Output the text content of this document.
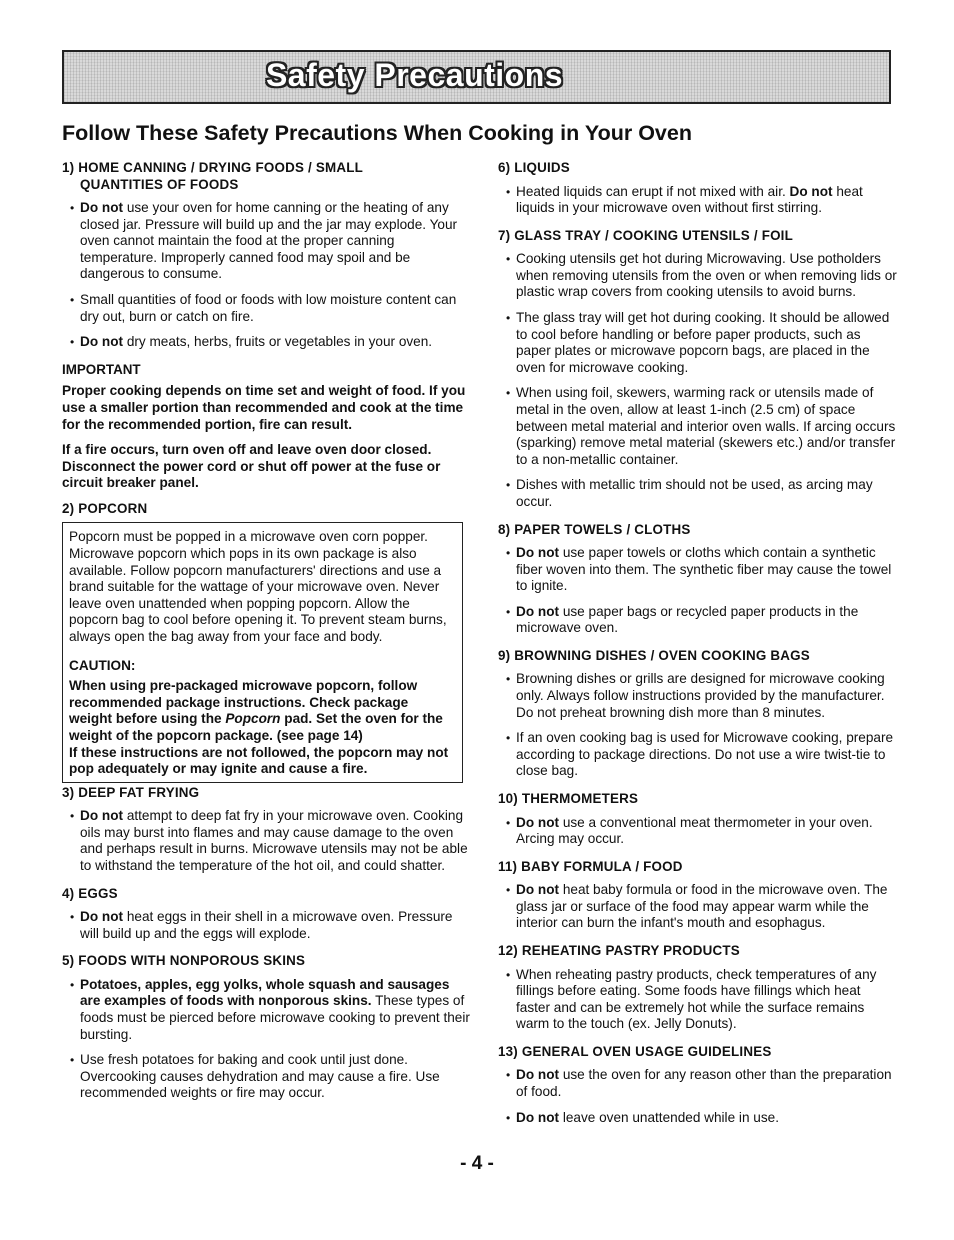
Safety Precautions
Follow These Safety Precautions When Cooking in Your Oven
1) HOME CANNING / DRYING FOODS / SMALL
QUANTITIES OF FOODS

• Do not use your oven for home canning or the heating of any closed jar. Pressure will build up and the jar may explode. Your oven cannot maintain the food at the proper canning temperature. Improperly canned food may spoil and be dangerous to consume.

• Small quantities of food or foods with low moisture content can dry out, burn or catch on fire.

• Do not dry meats, herbs, fruits or vegetables in your oven.

IMPORTANT

Proper cooking depends on time set and weight of food. If you use a smaller portion than recommended and cook at the time for the recommended portion, fire can result.

If a fire occurs, turn oven off and leave oven door closed. Disconnect the power cord or shut off power at the fuse or circuit breaker panel.

2) POPCORN

Popcorn must be popped in a microwave oven corn popper. Microwave popcorn which pops in its own package is also available. Follow popcorn manufacturers' directions and use a brand suitable for the wattage of your microwave oven. Never leave oven unattended when popping popcorn. Allow the popcorn bag to cool before opening it. To prevent steam burns, always open the bag away from your face and body.

CAUTION:

When using pre-packaged microwave popcorn, follow recommended package instructions. Check package weight before using the Popcorn pad. Set the oven for the weight of the popcorn package. (see page 14)
If these instructions are not followed, the popcorn may not pop adequately or may ignite and cause a fire.

3) DEEP FAT FRYING

• Do not attempt to deep fat fry in your microwave oven. Cooking oils may burst into flames and may cause damage to the oven and perhaps result in burns. Microwave utensils may not be able to withstand the temperature of the hot oil, and could shatter.

4) EGGS

• Do not heat eggs in their shell in a microwave oven. Pressure will build up and the eggs will explode.

5) FOODS WITH NONPOROUS SKINS

• Potatoes, apples, egg yolks, whole squash and sausages are examples of foods with nonporous skins. These types of foods must be pierced before microwave cooking to prevent their bursting.

• Use fresh potatoes for baking and cook until just done. Overcooking causes dehydration and may cause a fire. Use recommended weights or fire may occur.

6) LIQUIDS

• Heated liquids can erupt if not mixed with air. Do not heat liquids in your microwave oven without first stirring.

7) GLASS TRAY / COOKING UTENSILS / FOIL

• Cooking utensils get hot during Microwaving. Use potholders when removing utensils from the oven or when removing lids or plastic wrap covers from cooking utensils to avoid burns.

• The glass tray will get hot during cooking. It should be allowed to cool before handling or before paper products, such as paper plates or microwave popcorn bags, are placed in the oven for microwave cooking.

• When using foil, skewers, warming rack or utensils made of metal in the oven, allow at least 1-inch (2.5 cm) of space between metal material and interior oven walls. If arcing occurs (sparking) remove metal material (skewers etc.) and/or transfer to a non-metallic container.

• Dishes with metallic trim should not be used, as arcing may occur.

8) PAPER TOWELS / CLOTHS

• Do not use paper towels or cloths which contain a synthetic fiber woven into them. The synthetic fiber may cause the towel to ignite.

• Do not use paper bags or recycled paper products in the microwave oven.

9) BROWNING DISHES / OVEN COOKING BAGS

• Browning dishes or grills are designed for microwave cooking only. Always follow instructions provided by the manufacturer. Do not preheat browning dish more than 8 minutes.

• If an oven cooking bag is used for Microwave cooking, prepare according to package directions. Do not use a wire twist-tie to close bag.

10) THERMOMETERS

• Do not use a conventional meat thermometer in your oven. Arcing may occur.

11) BABY FORMULA / FOOD

• Do not heat baby formula or food in the microwave oven. The glass jar or surface of the food may appear warm while the interior can burn the infant's mouth and esophagus.

12) REHEATING PASTRY PRODUCTS

• When reheating pastry products, check temperatures of any fillings before eating. Some foods have fillings which heat faster and can be extremely hot while the surface remains warm to the touch (ex. Jelly Donuts).

13) GENERAL OVEN USAGE GUIDELINES

• Do not use the oven for any reason other than the preparation of food.

• Do not leave oven unattended while in use.

- 4 -
